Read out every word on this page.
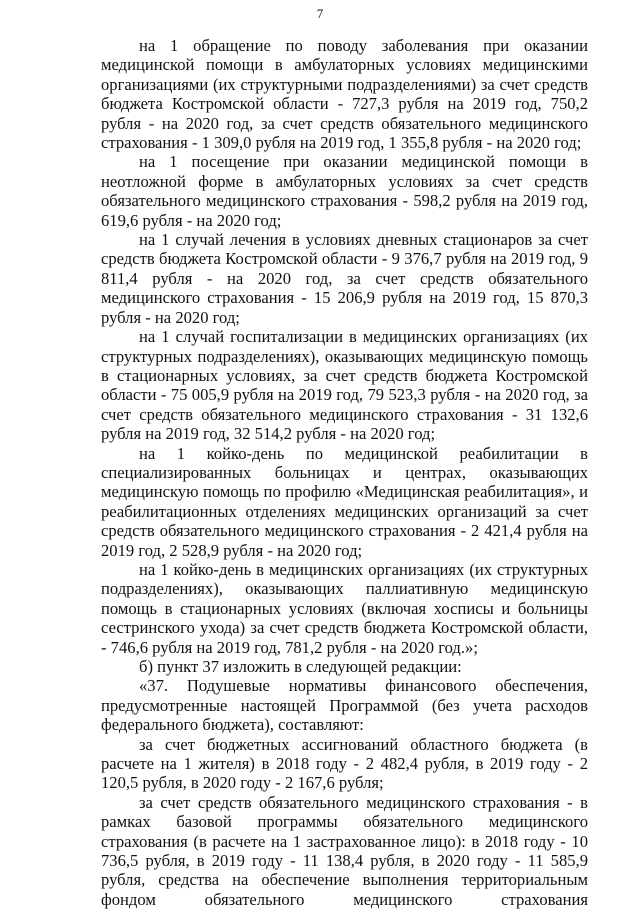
7

на 1 обращение по поводу заболевания при оказании медицинской помощи в амбулаторных условиях медицинскими организациями (их структурными подразделениями) за счет средств бюджета Костромской области - 727,3 рубля на 2019 год, 750,2 рубля - на 2020 год, за счет средств обязательного медицинского страхования - 1 309,0 рубля на 2019 год, 1 355,8 рубля - на 2020 год;

на 1 посещение при оказании медицинской помощи в неотложной форме в амбулаторных условиях за счет средств обязательного медицинского страхования - 598,2 рубля на 2019 год, 619,6 рубля - на 2020 год;

на 1 случай лечения в условиях дневных стационаров за счет средств бюджета Костромской области - 9 376,7 рубля на 2019 год, 9 811,4 рубля - на 2020 год, за счет средств обязательного медицинского страхования - 15 206,9 рубля на 2019 год, 15 870,3 рубля - на 2020 год;

на 1 случай госпитализации в медицинских организациях (их структурных подразделениях), оказывающих медицинскую помощь в стационарных условиях, за счет средств бюджета Костромской области - 75 005,9 рубля на 2019 год, 79 523,3 рубля - на 2020 год, за счет средств обязательного медицинского страхования - 31 132,6 рубля на 2019 год, 32 514,2 рубля - на 2020 год;

на 1 койко-день по медицинской реабилитации в специализированных больницах и центрах, оказывающих медицинскую помощь по профилю «Медицинская реабилитация», и реабилитационных отделениях медицинских организаций за счет средств обязательного медицинского страхования - 2 421,4 рубля на 2019 год, 2 528,9 рубля - на 2020 год;

на 1 койко-день в медицинских организациях (их структурных подразделениях), оказывающих паллиативную медицинскую помощь в стационарных условиях (включая хосписы и больницы сестринского ухода) за счет средств бюджета Костромской области, - 746,6 рубля на 2019 год, 781,2 рубля - на 2020 год.»;

б) пункт 37 изложить в следующей редакции:

«37. Подушевые нормативы финансового обеспечения, предусмотренные настоящей Программой (без учета расходов федерального бюджета), составляют:

за счет бюджетных ассигнований областного бюджета (в расчете на 1 жителя) в 2018 году - 2 482,4 рубля, в 2019 году - 2 120,5 рубля, в 2020 году - 2 167,6 рубля;

за счет средств обязательного медицинского страхования - в рамках базовой программы обязательного медицинского страхования (в расчете на 1 застрахованное лицо): в 2018 году - 10 736,5 рубля, в 2019 году - 11 138,4 рубля, в 2020 году - 11 585,9 рубля, средства на обеспечение выполнения территориальным фондом обязательного медицинского страхования
